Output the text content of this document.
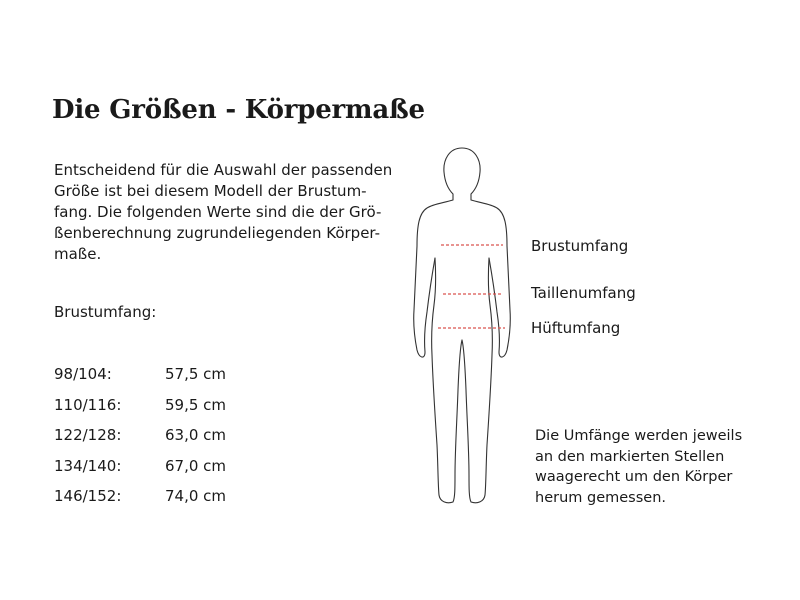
Die Größen - Körpermaße

Entscheidend für die Auswahl der passenden

Größe ist bei diesem Modell der Brustum-

fang. Die folgenden Werte sind die der Grö-

ßenberechnung zugrundeliegenden Körper-

maße.

Brustumfang:
98/104:	57,5 cm
110/116:	59,5 cm
122/128:	63,0 cm
134/140:	67,0 cm
146/152:	74,0 cm
Brustumfang
Taillenumfang
Hüftumfang
Die Umfänge werden jeweils
an den markierten Stellen
waagerecht um den Körper
herum gemessen.
